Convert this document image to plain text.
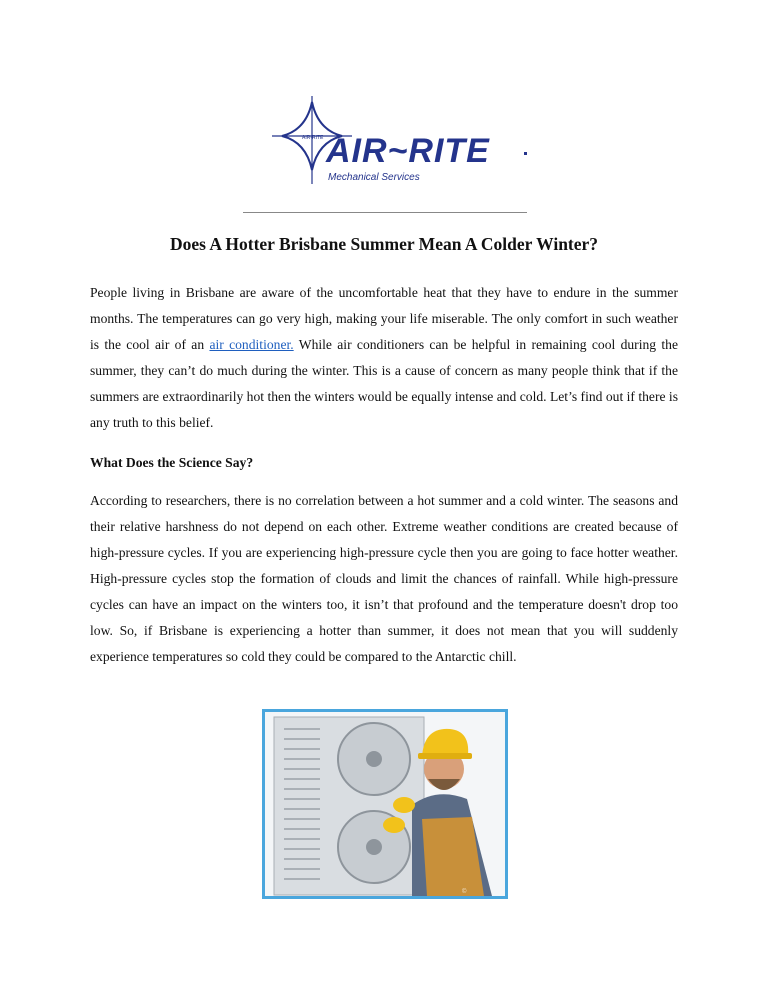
AIR-RITE AIR~RITE
Mechanical Services
Does A Hotter Brisbane Summer Mean A Colder Winter?

People living in Brisbane are aware of the uncomfortable heat that they have to endure in the summer months. The temperatures can go very high, making your life miserable. The only comfort in such weather is the cool air of an air conditioner. While air conditioners can be helpful in remaining cool during the summer, they can’t do much during the winter. This is a cause of concern as many people think that if the summers are extraordinarily hot then the winters would be equally intense and cold. Let’s find out if there is any truth to this belief.

What Does the Science Say?

According to researchers, there is no correlation between a hot summer and a cold winter. The seasons and their relative harshness do not depend on each other. Extreme weather conditions are created because of high-pressure cycles. If you are experiencing high-pressure cycle then you are going to face hotter weather. High-pressure cycles stop the formation of clouds and limit the chances of rainfall. While high-pressure cycles can have an impact on the winters too, it isn’t that profound and the temperature doesn't drop too low. So, if Brisbane is experiencing a hotter than summer, it does not mean that you will suddenly experience temperatures so cold they could be compared to the Antarctic chill.

©
